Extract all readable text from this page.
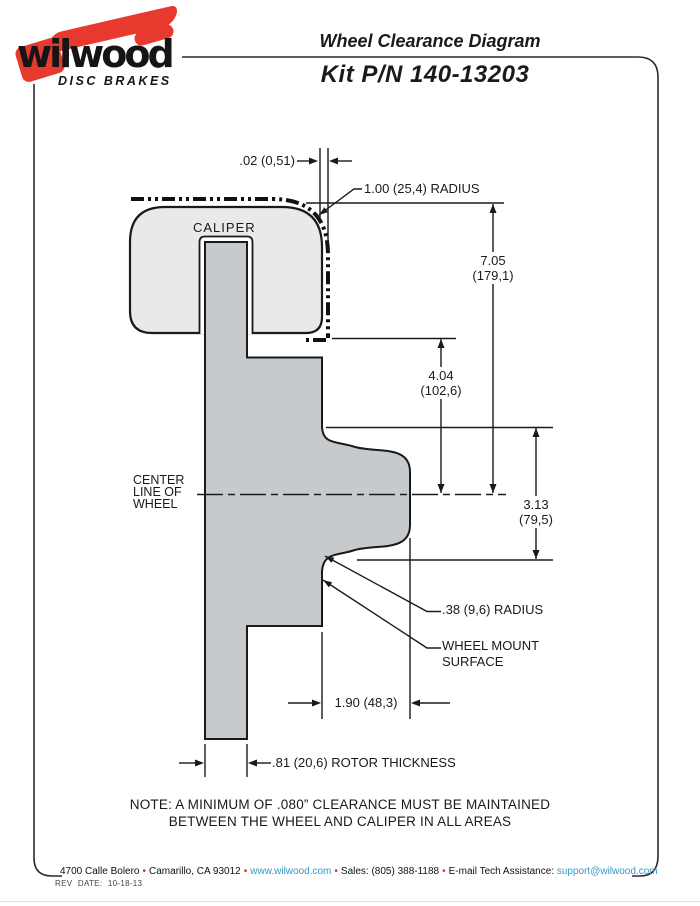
wilwood
DISC BRAKES
Wheel Clearance Diagram
Kit P/N 140-13203
CALIPER
.02 (0,51)
1.00 (25,4) RADIUS
7.05
(179,1)
4.04
(102,6)
3.13
(79,5)
CENTER
LINE OF
WHEEL
.38 (9,6) RADIUS
WHEEL MOUNT
SURFACE
1.90 (48,3)
.81 (20,6) ROTOR THICKNESS
NOTE: A MINIMUM OF .080” CLEARANCE MUST BE MAINTAINED
BETWEEN THE WHEEL AND CALIPER IN ALL AREAS
4700 Calle Bolero • Camarillo, CA 93012 • www.wilwood.com • Sales: (805) 388-1188 • E-mail Tech Assistance: support@wilwood.com
REV DATE: 10-18-13
